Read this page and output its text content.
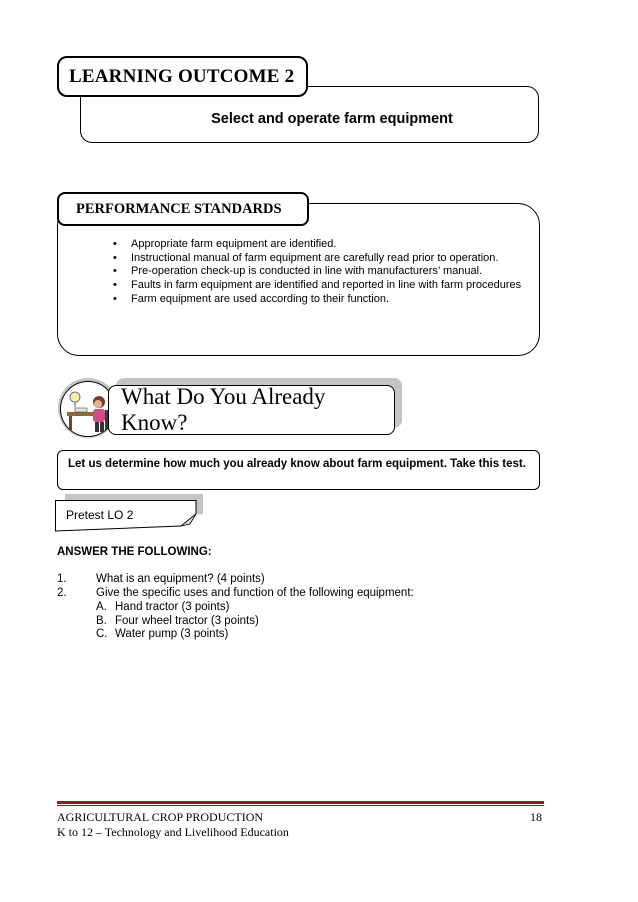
Select and operate farm equipment
LEARNING OUTCOME 2
PERFORMANCE STANDARDS
• Appropriate farm equipment are identified.
• Instructional manual of farm equipment are carefully read prior to operation.
• Pre-operation check-up is conducted in line with manufacturers’ manual.
• Faults in farm equipment are identified and reported in line with farm procedures
• Farm equipment are used according to their function.
What Do You Already Know?
Let us determine how much you already know about farm equipment. Take this test.
Pretest LO 2
ANSWER THE FOLLOWING:
1.	What is an equipment? (4 points)
2.	Give the specific uses and function of the following equipment:
A. Hand tractor (3 points)
B. Four wheel tractor (3 points)
C. Water pump (3 points)
AGRICULTURAL CROP PRODUCTION
K to 12 – Technology and Livelihood Education
18
